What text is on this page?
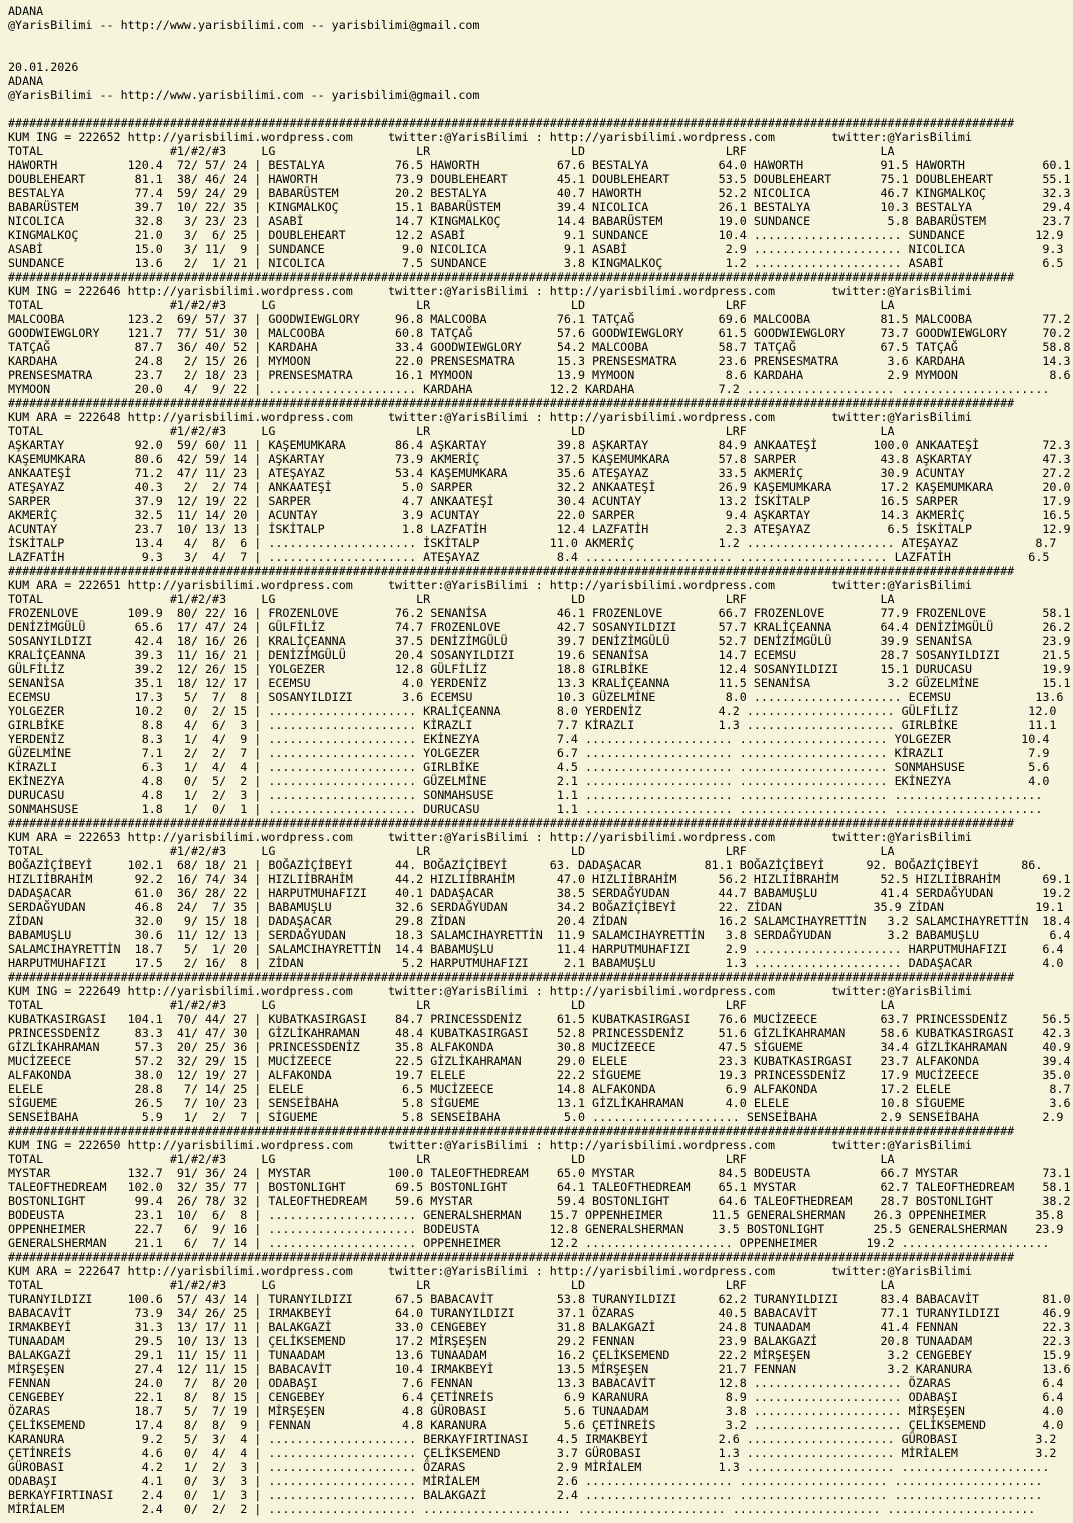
ADANA
@YarisBilimi -- http://www.yarisbilimi.com -- yarisbilimi@gmail.com

20.01.2026
ADANA
@YarisBilimi -- http://www.yarisbilimi.com -- yarisbilimi@gmail.com

###############################################################################################################################################
KUM ING = 222652 http://yarisbilimi.wordpress.com     twitter:@YarisBilimi : http://yarisbilimi.wordpress.com        twitter:@YarisBilimi
TOTAL                  #1/#2/#3     LG                    LR                    LD                    LRF                   LA
HAWORTH          120.4  72/ 57/ 24 | BESTALYA          76.5 HAWORTH           67.6 BESTALYA          64.0 HAWORTH           91.5 HAWORTH           60.1
DOUBLEHEART       81.1  38/ 46/ 24 | HAWORTH           73.9 DOUBLEHEART       45.1 DOUBLEHEART       53.5 DOUBLEHEART       75.1 DOUBLEHEART       55.1
BESTALYA          77.4  59/ 24/ 29 | BABARÜSTEM        20.2 BESTALYA          40.7 HAWORTH           52.2 NICOLICA          46.7 KINGMALKOÇ        32.3
BABARÜSTEM        39.7  10/ 22/ 35 | KINGMALKOÇ        15.1 BABARÜSTEM        39.4 NICOLICA          26.1 BESTALYA          10.3 BESTALYA          29.4
NICOLICA          32.8   3/ 23/ 23 | ASABİ             14.7 KINGMALKOÇ        14.4 BABARÜSTEM        19.0 SUNDANCE           5.8 BABARÜSTEM        23.7
KINGMALKOÇ        21.0   3/  6/ 25 | DOUBLEHEART       12.2 ASABİ              9.1 SUNDANCE          10.4 ..................... SUNDANCE          12.9
ASABİ             15.0   3/ 11/  9 | SUNDANCE           9.0 NICOLICA           9.1 ASABİ              2.9 ..................... NICOLICA           9.3
SUNDANCE          13.6   2/  1/ 21 | NICOLICA           7.5 SUNDANCE           3.8 KINGMALKOÇ         1.2 ..................... ASABİ              6.5
###############################################################################################################################################
KUM ING = 222646 http://yarisbilimi.wordpress.com     twitter:@YarisBilimi : http://yarisbilimi.wordpress.com        twitter:@YarisBilimi
TOTAL                  #1/#2/#3     LG                    LR                    LD                    LRF                   LA
MALCOOBA         123.2  69/ 57/ 37 | GOODWIEWGLORY     96.8 MALCOOBA          76.1 TATÇAĞ            69.6 MALCOOBA          81.5 MALCOOBA          77.2
GOODWIEWGLORY    121.7  77/ 51/ 30 | MALCOOBA          60.8 TATÇAĞ            57.6 GOODWIEWGLORY     61.5 GOODWIEWGLORY     73.7 GOODWIEWGLORY     70.2
TATÇAĞ            87.7  36/ 40/ 52 | KARDAHA           33.4 GOODWIEWGLORY     54.2 MALCOOBA          58.7 TATÇAĞ            67.5 TATÇAĞ            58.8
KARDAHA           24.8   2/ 15/ 26 | MYMOON            22.0 PRENSESMATRA      15.3 PRENSESMATRA      23.6 PRENSESMATRA       3.6 KARDAHA           14.3
PRENSESMATRA      23.7   2/ 18/ 23 | PRENSESMATRA      16.1 MYMOON            13.9 MYMOON             8.6 KARDAHA            2.9 MYMOON             8.6
MYMOON            20.0   4/  9/ 22 | ..................... KARDAHA           12.2 KARDAHA            7.2 ..................... .....................
###############################################################################################################################################
KUM ARA = 222648 http://yarisbilimi.wordpress.com     twitter:@YarisBilimi : http://yarisbilimi.wordpress.com        twitter:@YarisBilimi
TOTAL                  #1/#2/#3     LG                    LR                    LD                    LRF                   LA
AŞKARTAY          92.0  59/ 60/ 11 | KAŞEMUMKARA       86.4 AŞKARTAY          39.8 AŞKARTAY          84.9 ANKAATEŞİ        100.0 ANKAATEŞİ         72.3
KAŞEMUMKARA       80.6  42/ 59/ 14 | AŞKARTAY          73.9 AKMERİÇ           37.5 KAŞEMUMKARA       57.8 SARPER            43.8 AŞKARTAY          47.3
ANKAATEŞİ         71.2  47/ 11/ 23 | ATEŞAYAZ          53.4 KAŞEMUMKARA       35.6 ATEŞAYAZ          33.5 AKMERİÇ           30.9 ACUNTAY           27.2
ATEŞAYAZ          40.3   2/  2/ 74 | ANKAATEŞİ          5.0 SARPER            32.2 ANKAATEŞİ         26.9 KAŞEMUMKARA       17.2 KAŞEMUMKARA       20.0
SARPER            37.9  12/ 19/ 22 | SARPER             4.7 ANKAATEŞİ         30.4 ACUNTAY           13.2 İSKİTALP          16.5 SARPER            17.9
AKMERİÇ           32.5  11/ 14/ 20 | ACUNTAY            3.9 ACUNTAY           22.0 SARPER             9.4 AŞKARTAY          14.3 AKMERİÇ           16.5
ACUNTAY           23.7  10/ 13/ 13 | İSKİTALP           1.8 LAZFATİH          12.4 LAZFATİH           2.3 ATEŞAYAZ           6.5 İSKİTALP          12.9
İSKİTALP          13.4   4/  8/  6 | ..................... İSKİTALP          11.0 AKMERİÇ            1.2 ..................... ATEŞAYAZ           8.7
LAZFATİH           9.3   3/  4/  7 | ..................... ATEŞAYAZ           8.4 ..................... ..................... LAZFATİH           6.5
###############################################################################################################################################
KUM ARA = 222651 http://yarisbilimi.wordpress.com     twitter:@YarisBilimi : http://yarisbilimi.wordpress.com        twitter:@YarisBilimi
TOTAL                  #1/#2/#3     LG                    LR                    LD                    LRF                   LA
FROZENLOVE       109.9  80/ 22/ 16 | FROZENLOVE        76.2 SENANİSA          46.1 FROZENLOVE        66.7 FROZENLOVE        77.9 FROZENLOVE        58.1
DENİZİMGÜLÜ       65.6  17/ 47/ 24 | GÜLFİLİZ          74.7 FROZENLOVE        42.7 SOSANYILDIZI      57.7 KRALİÇEANNA       64.4 DENİZİMGÜLÜ       26.2
SOSANYILDIZI      42.4  18/ 16/ 26 | KRALİÇEANNA       37.5 DENİZİMGÜLÜ       39.7 DENİZİMGÜLÜ       52.7 DENİZİMGÜLÜ       39.9 SENANİSA          23.9
KRALİÇEANNA       39.3  11/ 16/ 21 | DENİZİMGÜLÜ       20.4 SOSANYILDIZI      19.6 SENANİSA          14.7 ECEMSU            28.7 SOSANYILDIZI      21.5
GÜLFİLİZ          39.2  12/ 26/ 15 | YOLGEZER          12.8 GÜLFİLİZ          18.8 GIRLBİKE          12.4 SOSANYILDIZI      15.1 DURUCASU          19.9
SENANİSA          35.1  18/ 12/ 17 | ECEMSU             4.0 YERDENİZ          13.3 KRALİÇEANNA       11.5 SENANİSA           3.2 GÜZELMİNE         15.1
ECEMSU            17.3   5/  7/  8 | SOSANYILDIZI       3.6 ECEMSU            10.3 GÜZELMİNE          8.0 ..................... ECEMSU            13.6
YOLGEZER          10.2   0/  2/ 15 | ..................... KRALİÇEANNA        8.0 YERDENİZ           4.2 ..................... GÜLFİLİZ          12.0
GIRLBİKE           8.8   4/  6/  3 | ..................... KİRAZLI            7.7 KİRAZLI            1.3 ..................... GIRLBİKE          11.1
YERDENİZ           8.3   1/  4/  9 | ..................... EKİNEZYA           7.4 ..................... ..................... YOLGEZER          10.4
GÜZELMİNE          7.1   2/  2/  7 | ..................... YOLGEZER           6.7 ..................... ..................... KİRAZLI            7.9
KİRAZLI            6.3   1/  4/  4 | ..................... GIRLBİKE           4.5 ..................... ..................... SONMAHSUSE         5.6
EKİNEZYA           4.8   0/  5/  2 | ..................... GÜZELMİNE          2.1 ..................... ..................... EKİNEZYA           4.0
DURUCASU           4.8   1/  2/  3 | ..................... SONMAHSUSE         1.1 ..................... ..................... .....................
SONMAHSUSE         1.8   1/  0/  1 | ..................... DURUCASU           1.1 ..................... ..................... .....................
###############################################################################################################################################
KUM ARA = 222653 http://yarisbilimi.wordpress.com     twitter:@YarisBilimi : http://yarisbilimi.wordpress.com        twitter:@YarisBilimi
TOTAL                  #1/#2/#3     LG                    LR                    LD                    LRF                   LA
BOĞAZİÇİBEYİ     102.1  68/ 18/ 21 | BOĞAZİÇİBEYİ      44. BOĞAZİÇİBEYİ      63. DADAŞACAR         81.1 BOĞAZİÇİBEYİ      92. BOĞAZİÇİBEYİ      86.
HIZLIİBRAHİM      92.2  16/ 74/ 34 | HIZLIİBRAHİM      44.2 HIZLIİBRAHİM      47.0 HIZLIİBRAHİM      56.2 HIZLIİBRAHİM      52.5 HIZLIİBRAHİM      69.1
DADAŞACAR         61.0  36/ 28/ 22 | HARPUTMUHAFIZI    40.1 DADAŞACAR         38.5 SERDAĞYUDAN       44.7 BABAMUŞLU         41.4 SERDAĞYUDAN       19.2
SERDAĞYUDAN       46.8  24/  7/ 35 | BABAMUŞLU         32.6 SERDAĞYUDAN       34.2 BOĞAZİÇİBEYİ      22. ZİDAN             35.9 ZİDAN             19.1
ZİDAN             32.0   9/ 15/ 18 | DADAŞACAR         29.8 ZİDAN             20.4 ZİDAN             16.2 SALAMCIHAYRETTİN   3.2 SALAMCIHAYRETTİN  18.4
BABAMUŞLU         30.6  11/ 12/ 13 | SERDAĞYUDAN       18.3 SALAMCIHAYRETTİN  11.9 SALAMCIHAYRETTİN   3.8 SERDAĞYUDAN        3.2 BABAMUŞLU          6.4
SALAMCIHAYRETTİN  18.7   5/  1/ 20 | SALAMCIHAYRETTİN  14.4 BABAMUŞLU         11.4 HARPUTMUHAFIZI     2.9 ..................... HARPUTMUHAFIZI     6.4
HARPUTMUHAFIZI    17.5   2/ 16/  8 | ZİDAN              5.2 HARPUTMUHAFIZI     2.1 BABAMUŞLU          1.3 ..................... DADAŞACAR          4.0
###############################################################################################################################################
KUM ING = 222649 http://yarisbilimi.wordpress.com     twitter:@YarisBilimi : http://yarisbilimi.wordpress.com        twitter:@YarisBilimi
TOTAL                  #1/#2/#3     LG                    LR                    LD                    LRF                   LA
KUBATKASIRGASI   104.1  70/ 44/ 27 | KUBATKASIRGASI    84.7 PRINCESSDENİZ     61.5 KUBATKASIRGASI    76.6 MUCİZEECE         63.7 PRINCESSDENİZ     56.5
PRINCESSDENİZ     83.3  41/ 47/ 30 | GİZLİKAHRAMAN     48.4 KUBATKASIRGASI    52.8 PRINCESSDENİZ     51.6 GİZLİKAHRAMAN     58.6 KUBATKASIRGASI    42.3
GİZLİKAHRAMAN     57.3  20/ 25/ 36 | PRINCESSDENİZ     35.8 ALFAKONDA         30.8 MUCİZEECE         47.5 SİGUEME           34.4 GİZLİKAHRAMAN     40.9
MUCİZEECE         57.2  32/ 29/ 15 | MUCİZEECE         22.5 GİZLİKAHRAMAN     29.0 ELELE             23.3 KUBATKASIRGASI    23.7 ALFAKONDA         39.4
ALFAKONDA         38.0  12/ 19/ 27 | ALFAKONDA         19.7 ELELE             22.2 SİGUEME           19.3 PRINCESSDENİZ     17.9 MUCİZEECE         35.0
ELELE             28.8   7/ 14/ 25 | ELELE              6.5 MUCİZEECE         14.8 ALFAKONDA          6.9 ALFAKONDA         17.2 ELELE              8.7
SİGUEME           26.5   7/ 10/ 23 | SENSEİBAHA         5.8 SİGUEME           13.1 GİZLİKAHRAMAN      4.0 ELELE             10.8 SİGUEME            3.6
SENSEİBAHA         5.9   1/  2/  7 | SİGUEME            5.8 SENSEİBAHA         5.0 ..................... SENSEİBAHA         2.9 SENSEİBAHA         2.9
###############################################################################################################################################
KUM ING = 222650 http://yarisbilimi.wordpress.com     twitter:@YarisBilimi : http://yarisbilimi.wordpress.com        twitter:@YarisBilimi
TOTAL                  #1/#2/#3     LG                    LR                    LD                    LRF                   LA
MYSTAR           132.7  91/ 36/ 24 | MYSTAR           100.0 TALEOFTHEDREAM    65.0 MYSTAR            84.5 BODEUSTA          66.7 MYSTAR            73.1
TALEOFTHEDREAM   102.0  32/ 35/ 77 | BOSTONLIGHT       69.5 BOSTONLIGHT       64.1 TALEOFTHEDREAM    65.1 MYSTAR            62.7 TALEOFTHEDREAM    58.1
BOSTONLIGHT       99.4  26/ 78/ 32 | TALEOFTHEDREAM    59.6 MYSTAR            59.4 BOSTONLIGHT       64.6 TALEOFTHEDREAM    28.7 BOSTONLIGHT       38.2
BODEUSTA          23.1  10/  6/  8 | ..................... GENERALSHERMAN    15.7 OPPENHEIMER       11.5 GENERALSHERMAN    26.3 OPPENHEIMER       35.8
OPPENHEIMER       22.7   6/  9/ 16 | ..................... BODEUSTA          12.8 GENERALSHERMAN     3.5 BOSTONLIGHT       25.5 GENERALSHERMAN    23.9
GENERALSHERMAN    21.1   6/  7/ 14 | ..................... OPPENHEIMER       12.2 ..................... OPPENHEIMER       19.2 .....................
###############################################################################################################################################
KUM ARA = 222647 http://yarisbilimi.wordpress.com     twitter:@YarisBilimi : http://yarisbilimi.wordpress.com        twitter:@YarisBilimi
TOTAL                  #1/#2/#3     LG                    LR                    LD                    LRF                   LA
TURANYILDIZI     100.6  57/ 43/ 14 | TURANYILDIZI      67.5 BABACAVİT         53.8 TURANYILDIZI      62.2 TURANYILDIZI      83.4 BABACAVİT         81.0
BABACAVİT         73.9  34/ 26/ 25 | IRMAKBEYİ         64.0 TURANYILDIZI      37.1 ÖZARAS            40.5 BABACAVİT         77.1 TURANYILDIZI      46.9
IRMAKBEYİ         31.3  13/ 17/ 11 | BALAKGAZİ         33.0 CENGEBEY          31.8 BALAKGAZİ         24.8 TUNAADAM          41.4 FENNAN            22.3
TUNAADAM          29.5  10/ 13/ 13 | ÇELİKSEMEND       17.2 MİRŞEŞEN          29.2 FENNAN            23.9 BALAKGAZİ         20.8 TUNAADAM          22.3
BALAKGAZİ         29.1  11/ 15/ 11 | TUNAADAM          13.6 TUNAADAM          16.2 ÇELİKSEMEND       22.2 MİRŞEŞEN           3.2 CENGEBEY          15.9
MİRŞEŞEN          27.4  12/ 11/ 15 | BABACAVİT         10.4 IRMAKBEYİ         13.5 MİRŞEŞEN          21.7 FENNAN             3.2 KARANURA          13.6
FENNAN            24.0   7/  8/ 20 | ODABAŞI            7.6 FENNAN            13.3 BABACAVİT         12.8 ..................... ÖZARAS             6.4
CENGEBEY          22.1   8/  8/ 15 | CENGEBEY           6.4 ÇETİNREİS          6.9 KARANURA           8.9 ..................... ODABAŞI            6.4
ÖZARAS            18.7   5/  7/ 19 | MİRŞEŞEN           4.8 GÜROBASI           5.6 TUNAADAM           3.8 ..................... MİRŞEŞEN           4.0
ÇELİKSEMEND       17.4   8/  8/  9 | FENNAN             4.8 KARANURA           5.6 ÇETİNREİS          3.2 ..................... ÇELİKSEMEND        4.0
KARANURA           9.2   5/  3/  4 | ..................... BERKAYFIRTINASI    4.5 IRMAKBEYİ          2.6 ..................... GÜROBASI           3.2
ÇETİNREİS          4.6   0/  4/  4 | ..................... ÇELİKSEMEND        3.7 GÜROBASI           1.3 ..................... MİRİALEM           3.2
GÜROBASI           4.2   1/  2/  3 | ..................... ÖZARAS             2.9 MİRİALEM           1.3 ..................... .....................
ODABAŞI            4.1   0/  3/  3 | ..................... MİRİALEM           2.6 ..................... ..................... .....................
BERKAYFIRTINASI    2.4   0/  1/  3 | ..................... BALAKGAZİ          2.4 ..................... ..................... .....................
MİRİALEM           2.4   0/  2/  2 | ..................... ..................... ..................... ..................... .....................
